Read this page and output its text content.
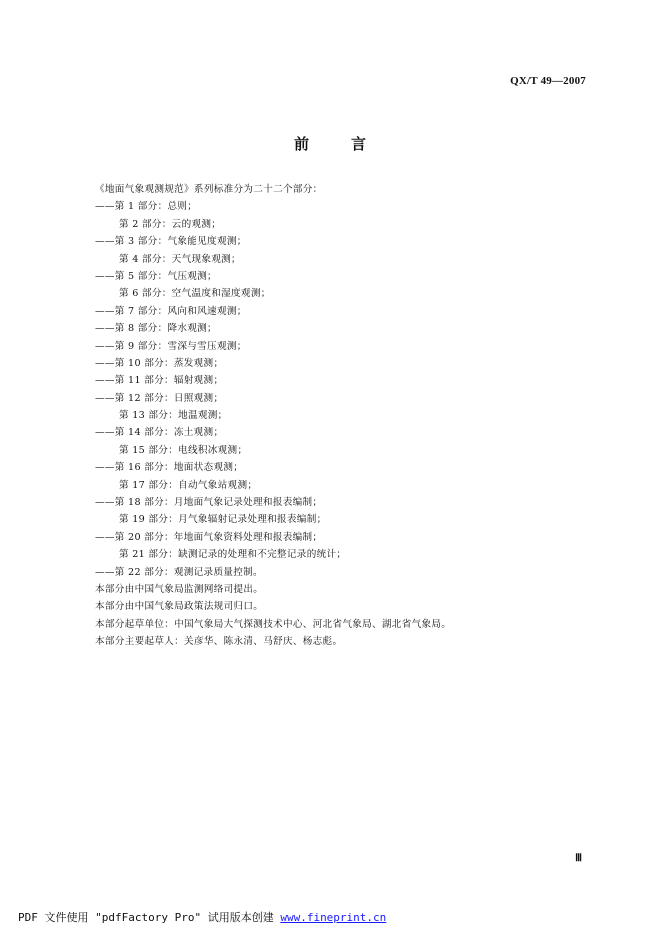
QX/T 49—2007
前	言
《地面气象观测规范》系列标准分为二十二个部分：
——第 1 部分：总则；
第 2 部分：云的观测；
——第 3 部分：气象能见度观测；
第 4 部分：天气现象观测；
——第 5 部分：气压观测；
第 6 部分：空气温度和湿度观测；
——第 7 部分：风向和风速观测；
——第 8 部分：降水观测；
——第 9 部分：雪深与雪压观测；
——第 10 部分：蒸发观测；
——第 11 部分：辐射观测；
——第 12 部分：日照观测；
第 13 部分：地温观测；
——第 14 部分：冻土观测；
第 15 部分：电线积冰观测；
——第 16 部分：地面状态观测；
第 17 部分：自动气象站观测；
——第 18 部分：月地面气象记录处理和报表编制；
第 19 部分：月气象辐射记录处理和报表编制；
——第 20 部分：年地面气象资料处理和报表编制；
第 21 部分：缺测记录的处理和不完整记录的统计；
——第 22 部分：观测记录质量控制。
本部分由中国气象局监测网络司提出。
本部分由中国气象局政策法规司归口。
本部分起草单位：中国气象局大气探测技术中心、河北省气象局、湖北省气象局。
本部分主要起草人：关彦华、陈永清、马舒庆、杨志彪。
Ⅲ
PDF 文件使用 "pdfFactory Pro" 试用版本创建 www.fineprint.cn
